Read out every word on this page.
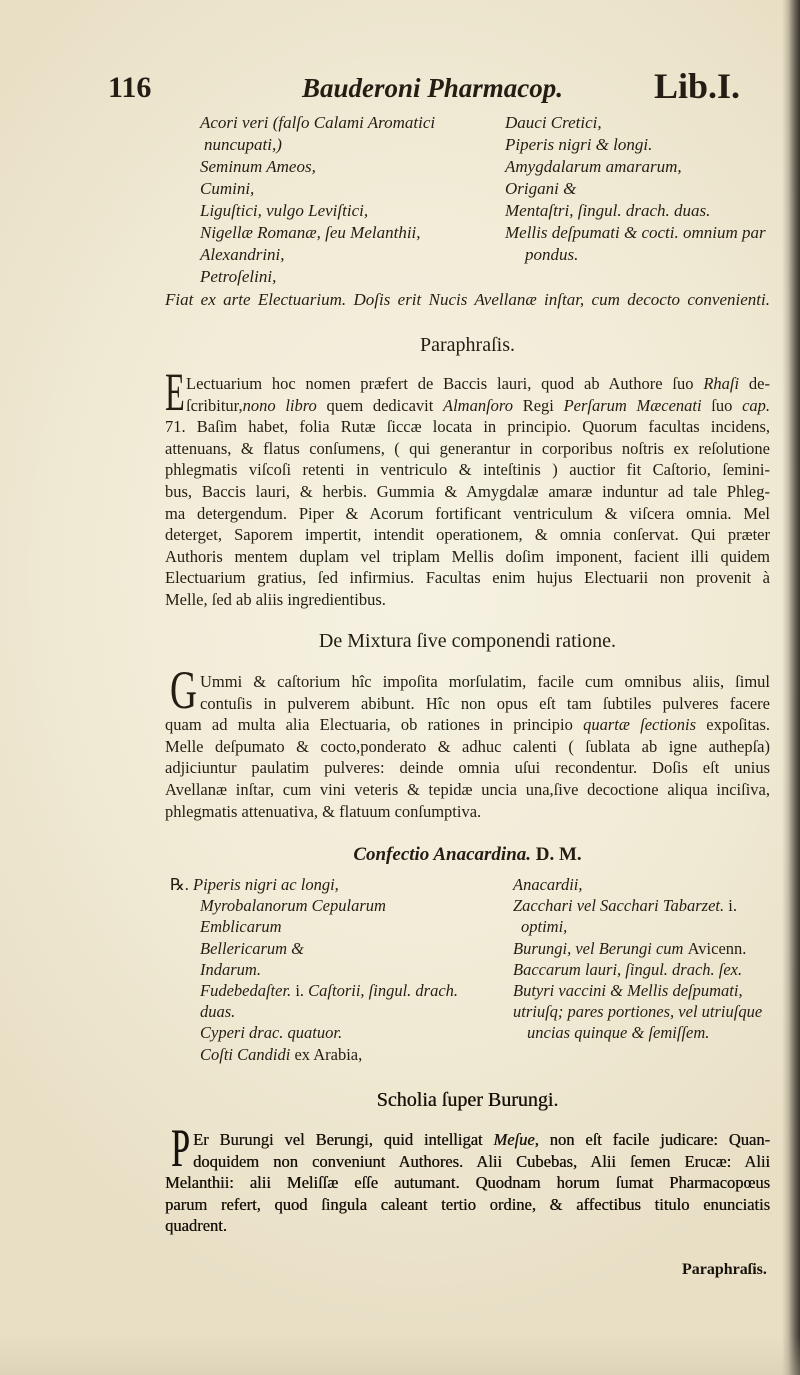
116	Bauderoni Pharmacop.	Lib.I.
Acori veri (falſo Calami Aromatici
nuncupati,)
Seminum Ameos,
Cumini,
Liguſtici, vulgo Leviſtici,
Nigellæ Romanæ, ſeu Melanthii,
Alexandrini,
Petroſelini,
Dauci Cretici,
Piperis nigri & longi.
Amygdalarum amararum,
Origani &
Mentaſtri, ſingul. drach. duas.
Mellis deſpumati & cocti. omnium par
pondus.
Fiat ex arte Electuarium. Doſis erit Nucis Avellanæ inſtar, cum decocto convenienti.
Paraphraſis.
E Lectuarium hoc nomen præfert de Baccis lauri, quod ab Authore ſuo Rhaſi de-
ſcribitur,nono libro quem dedicavit Almanſoro Regi Perſarum Mæcenati ſuo cap.
71. Baſim habet, folia Rutæ ſiccæ locata in principio. Quorum facultas incidens,
attenuans, & flatus conſumens, ( qui generantur in corporibus noſtris ex reſolutione
phlegmatis viſcoſi retenti in ventriculo & inteſtinis ) auctior fit Caſtorio, ſemini-
bus, Baccis lauri, & herbis. Gummia & Amygdalæ amaræ induntur ad tale Phleg-
ma detergendum. Piper & Acorum fortificant ventriculum & viſcera omnia. Mel
deterget, Saporem impertit, intendit operationem, & omnia conſervat. Qui præter
Authoris mentem duplam vel triplam Mellis doſim imponent, facient illi quidem
Electuarium gratius, ſed infirmius. Facultas enim hujus Electuarii non provenit à
Melle, ſed ab aliis ingredientibus.
De Mixtura ſive componendi ratione.
G Ummi & caſtorium hîc impoſita morſulatim, facile cum omnibus aliis, ſimul
contuſis in pulverem abibunt. Hîc non opus eſt tam ſubtiles pulveres facere
quam ad multa alia Electuaria, ob rationes in principio quartæ ſectionis expoſitas.
Melle deſpumato & cocto,ponderato & adhuc calenti ( ſublata ab igne authepſa)
adjiciuntur paulatim pulveres: deinde omnia uſui recondentur. Doſis eſt unius
Avellanæ inſtar, cum vini veteris & tepidæ uncia una,ſive decoctione aliqua inciſiva,
phlegmatis attenuativa, & flatuum conſumptiva.
Confectio Anacardina. D. M.
℞. Piperis nigri ac longi,
Myrobalanorum Cepularum
Emblicarum
Bellericarum &
Indarum.
Fudebedaſter. i. Caſtorii, ſingul. drach.
duas.
Cyperi drac. quatuor.
Coſti Candidi ex Arabia,
Anacardii,
Zacchari vel Sacchari Tabarzet. i.
optimi,
Burungi, vel Berungi cum Avicenn.
Baccarum lauri, ſingul. drach. ſex.
Butyri vaccini & Mellis deſpumati,
utriuſq; pares portiones, vel utriuſque
uncias quinque & ſemiſſem.
Scholia ſuper Burungi.
P Er Burungi vel Berungi, quid intelligat Meſue, non eſt facile judicare: Quan-
doquidem non conveniunt Authores. Alii Cubebas, Alii ſemen Erucæ: Alii
Melanthii: alii Meliſſæ eſſe autumant. Quodnam horum ſumat Pharmacopœus
parum refert, quod ſingula caleant tertio ordine, & affectibus titulo enunciatis
quadrent.
Paraphraſis.
